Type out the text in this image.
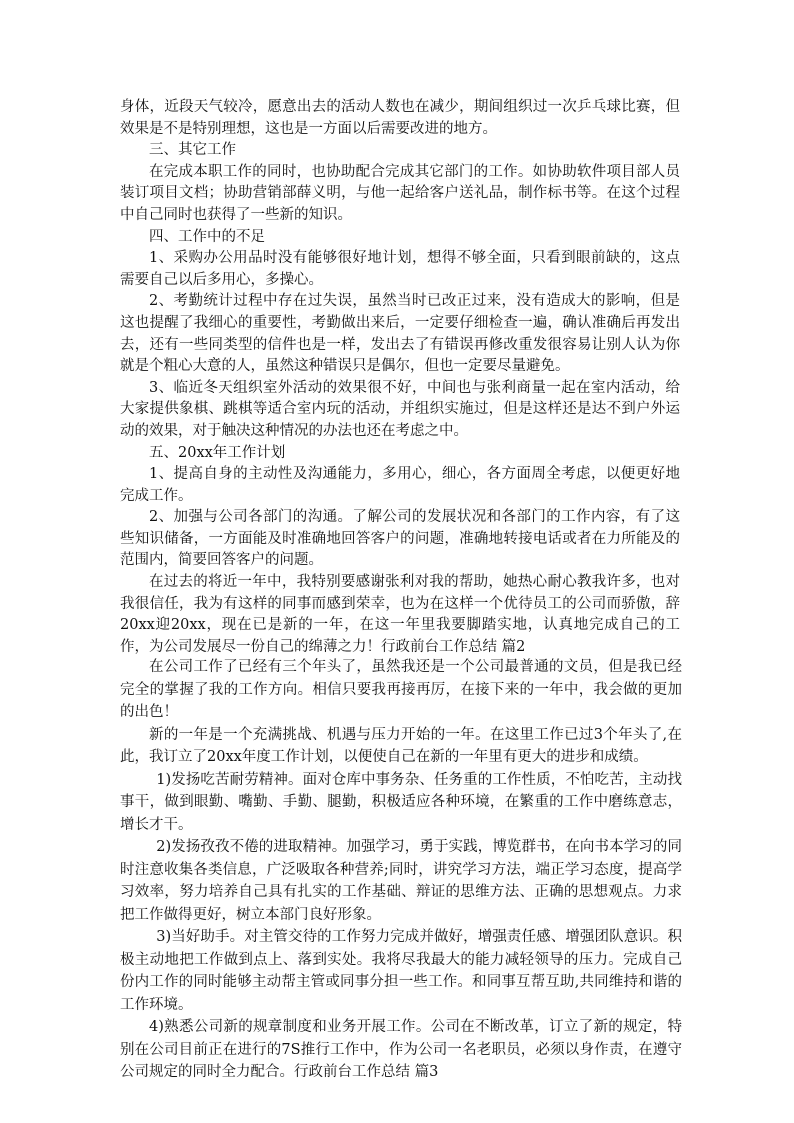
身体，近段天气较冷，愿意出去的活动人数也在减少，期间组织过一次乒乓球比赛，但效果是不是特别理想，这也是一方面以后需要改进的地方。

三、其它工作

在完成本职工作的同时，也协助配合完成其它部门的工作。如协助软件项目部人员装订项目文档；协助营销部薛义明，与他一起给客户送礼品，制作标书等。在这个过程中自己同时也获得了一些新的知识。

四、工作中的不足

1、采购办公用品时没有能够很好地计划，想得不够全面，只看到眼前缺的，这点需要自己以后多用心，多操心。

2、考勤统计过程中存在过失误，虽然当时已改正过来，没有造成大的影响，但是这也提醒了我细心的重要性，考勤做出来后，一定要仔细检查一遍，确认准确后再发出去，还有一些同类型的信件也是一样，发出去了有错误再修改重发很容易让别人认为你就是个粗心大意的人，虽然这种错误只是偶尔，但也一定要尽量避免。

3、临近冬天组织室外活动的效果很不好，中间也与张利商量一起在室内活动，给大家提供象棋、跳棋等适合室内玩的活动，并组织实施过，但是这样还是达不到户外运动的效果，对于触决这种情况的办法也还在考虑之中。

五、20xx年工作计划

1、提高自身的主动性及沟通能力，多用心，细心，各方面周全考虑，以便更好地完成工作。

2、加强与公司各部门的沟通。了解公司的发展状况和各部门的工作内容，有了这些知识储备，一方面能及时准确地回答客户的问题，准确地转接电话或者在力所能及的范围内，简要回答客户的问题。

在过去的将近一年中，我特别要感谢张利对我的帮助，她热心耐心教我许多，也对我很信任，我为有这样的同事而感到荣幸，也为在这样一个优待员工的公司而骄傲，辞20xx迎20xx，现在已是新的一年，在这一年里我要脚踏实地，认真地完成自己的工作，为公司发展尽一份自己的绵薄之力！行政前台工作总结 篇2

在公司工作了已经有三个年头了，虽然我还是一个公司最普通的文员，但是我已经完全的掌握了我的工作方向。相信只要我再接再厉，在接下来的一年中，我会做的更加的出色！

新的一年是一个充满挑战、机遇与压力开始的一年。在这里工作已过3个年头了,在此，我订立了20xx年度工作计划，以便使自己在新的一年里有更大的进步和成绩。

1)发扬吃苦耐劳精神。面对仓库中事务杂、任务重的工作性质，不怕吃苦，主动找事干，做到眼勤、嘴勤、手勤、腿勤，积极适应各种环境，在繁重的工作中磨练意志，增长才干。

2)发扬孜孜不倦的进取精神。加强学习，勇于实践，博览群书，在向书本学习的同时注意收集各类信息，广泛吸取各种营养;同时，讲究学习方法，端正学习态度，提高学习效率，努力培养自己具有扎实的工作基础、辩证的思维方法、正确的思想观点。力求把工作做得更好，树立本部门良好形象。

3)当好助手。对主管交待的工作努力完成并做好，增强责任感、增强团队意识。积极主动地把工作做到点上、落到实处。我将尽我最大的能力减轻领导的压力。完成自己份内工作的同时能够主动帮主管或同事分担一些工作。和同事互帮互助,共同维持和谐的工作环境。

4)熟悉公司新的规章制度和业务开展工作。公司在不断改革，订立了新的规定，特别在公司目前正在进行的7S推行工作中，作为公司一名老职员，必须以身作责，在遵守公司规定的同时全力配合。行政前台工作总结 篇3
